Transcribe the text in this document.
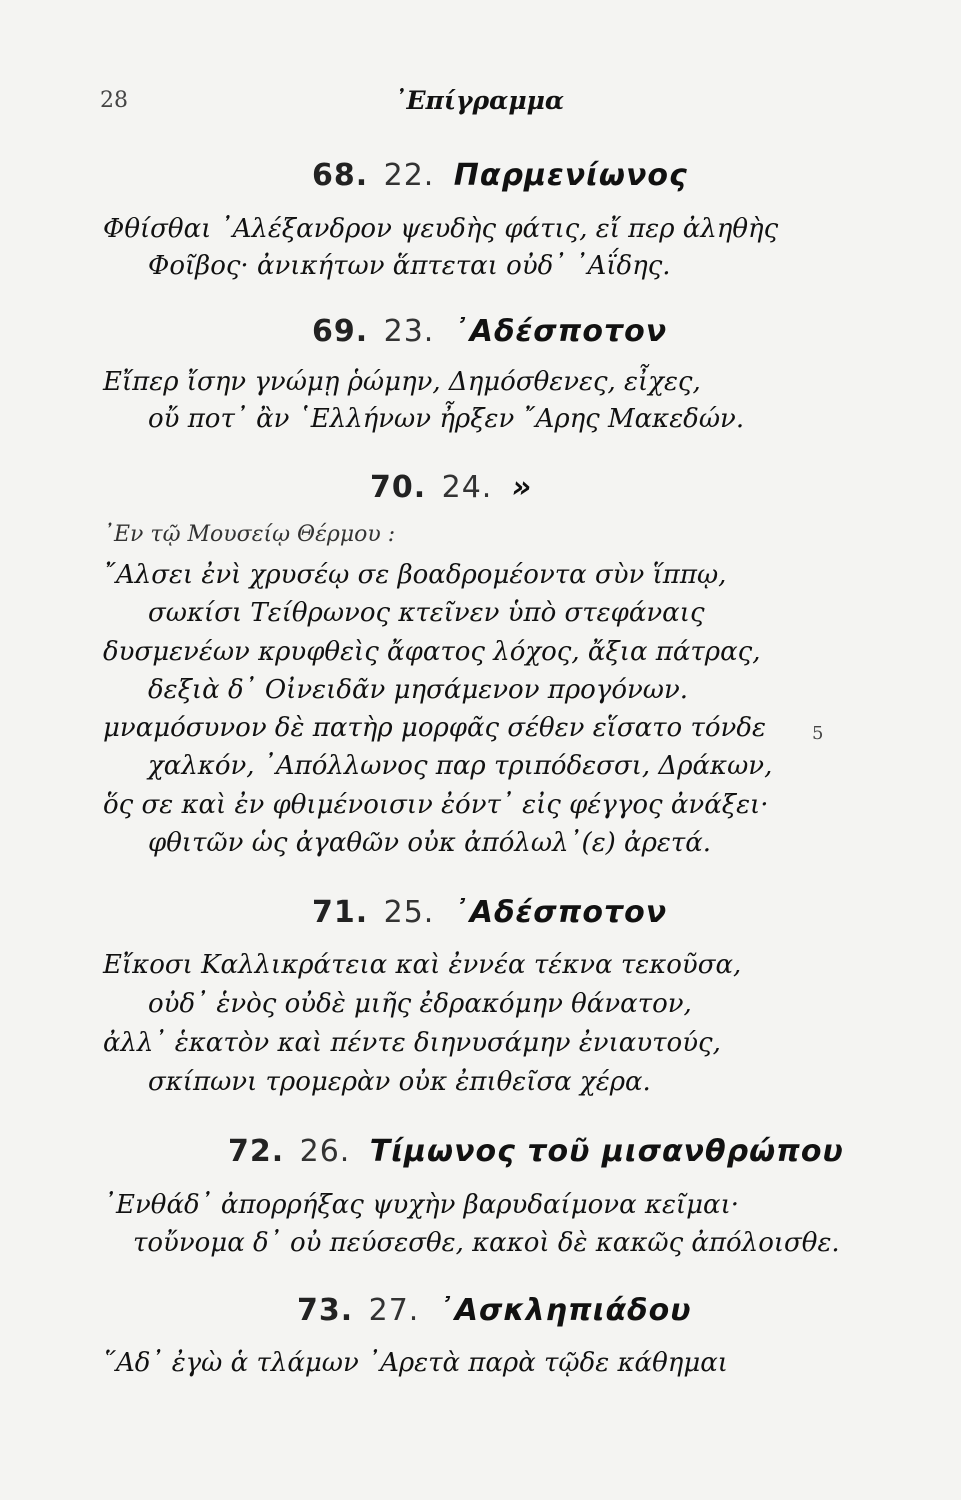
28	᾿Επίγραμμα
68. 22. Παρμενίωνος
Φθίσθαι ᾿Αλέξανδρον ψευδὴς φάτις, εἴ περ ἀληθὴς
Φοῖβος· ἀνικήτων ἅπτεται οὐδ᾿ ᾿Αΐδης.
69. 23. ᾿Αδέσποτον
Εἴπερ ἴσην γνώμῃ ῥώμην, Δημόσθενες, εἶχες,
οὔ ποτ᾿ ἂν ῾Ελλήνων ἦρξεν ῎Αρης Μακεδών.
70. 24. »
᾿Εν τῷ Μουσείῳ Θέρμου :
῎Αλσει ἐνὶ χρυσέῳ σε βοαδρομέοντα σὺν ἵππῳ,
σωκίσι Τείθρωνος κτεῖνεν ὑπὸ στεφάναις
δυσμενέων κρυφθεὶς ἄφατος λόχος, ἄξια πάτρας,
δεξιὰ δ᾿ Οἰνειδᾶν μησάμενον προγόνων.
μναμόσυνον δὲ πατὴρ μορφᾶς σέθεν εἵσατο τόνδε	5
χαλκόν, ᾿Απόλλωνος παρ τριπόδεσσι, Δράκων,
ὅς σε καὶ ἐν φθιμένοισιν ἐόντ᾿ εἰς φέγγος ἀνάξει·
φθιτῶν ὡς ἀγαθῶν οὐκ ἀπόλωλ᾿(ε) ἀρετά.
71. 25. ᾿Αδέσποτον
Εἴκοσι Καλλικράτεια καὶ ἐννέα τέκνα τεκοῦσα,
οὐδ᾿ ἑνὸς οὐδὲ μιῆς ἐδρακόμην θάνατον,
ἀλλ᾿ ἑκατὸν καὶ πέντε διηνυσάμην ἐνιαυτούς,
σκίπωνι τρομερὰν οὐκ ἐπιθεῖσα χέρα.
72. 26. Τίμωνος τοῦ μισανθρώπου
᾿Ενθάδ᾿ ἀπορρήξας ψυχὴν βαρυδαίμονα κεῖμαι·
τοὔνομα δ᾿ οὐ πεύσεσθε, κακοὶ δὲ κακῶς ἀπόλοισθε.
73. 27. ᾿Ασκληπιάδου
῞Αδ᾿ ἐγὼ ἁ τλάμων ᾿Αρετὰ παρὰ τῷδε κάθημαι
